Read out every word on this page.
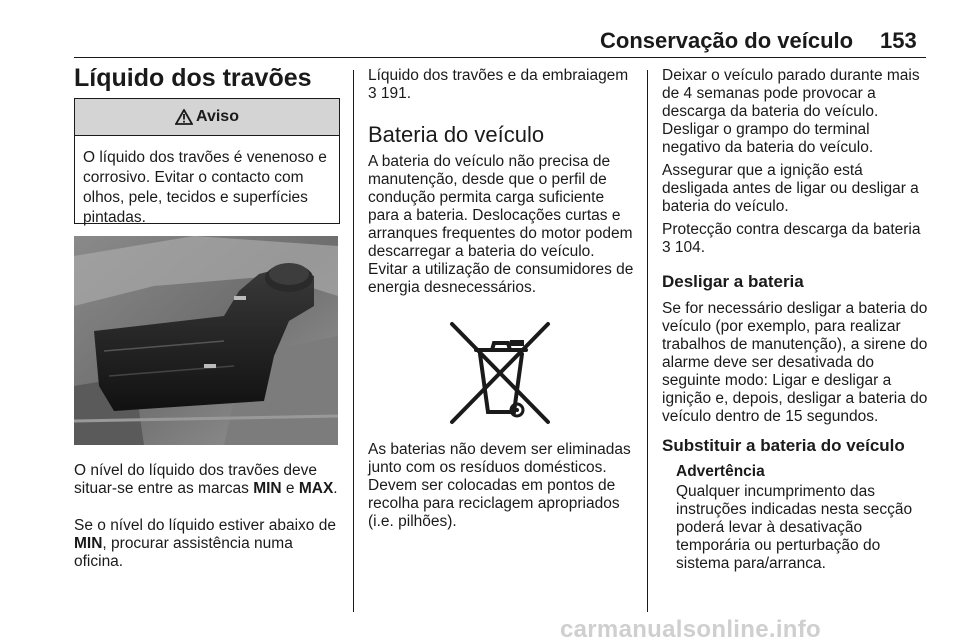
Conservação do veículo 153
Líquido dos travões
Aviso
O líquido dos travões é venenoso e corrosivo. Evitar o contacto com olhos, pele, tecidos e superfícies pintadas.
O nível do líquido dos travões deve situar-se entre as marcas MIN e MAX.
Se o nível do líquido estiver abaixo de MIN, procurar assistência numa oficina.
Líquido dos travões e da embraiagem 3 191.
Bateria do veículo
A bateria do veículo não precisa de manutenção, desde que o perfil de condução permita carga suficiente para a bateria. Deslocações curtas e arranques frequentes do motor podem descarregar a bateria do veículo. Evitar a utilização de consumidores de energia desnecessários.
As baterias não devem ser eliminadas junto com os resíduos domésticos. Devem ser colocadas em pontos de recolha para reciclagem apropriados (i.e. pilhões).
Deixar o veículo parado durante mais de 4 semanas pode provocar a descarga da bateria do veículo. Desligar o grampo do terminal negativo da bateria do veículo.
Assegurar que a ignição está desligada antes de ligar ou desligar a bateria do veículo.
Protecção contra descarga da bateria 3 104.
Desligar a bateria
Se for necessário desligar a bateria do veículo (por exemplo, para realizar trabalhos de manutenção), a sirene do alarme deve ser desativada do seguinte modo: Ligar e desligar a ignição e, depois, desligar a bateria do veículo dentro de 15 segundos.
Substituir a bateria do veículo
Advertência
Qualquer incumprimento das instruções indicadas nesta secção poderá levar à desativação temporária ou perturbação do sistema para/arranca.
carmanualsonline.info
